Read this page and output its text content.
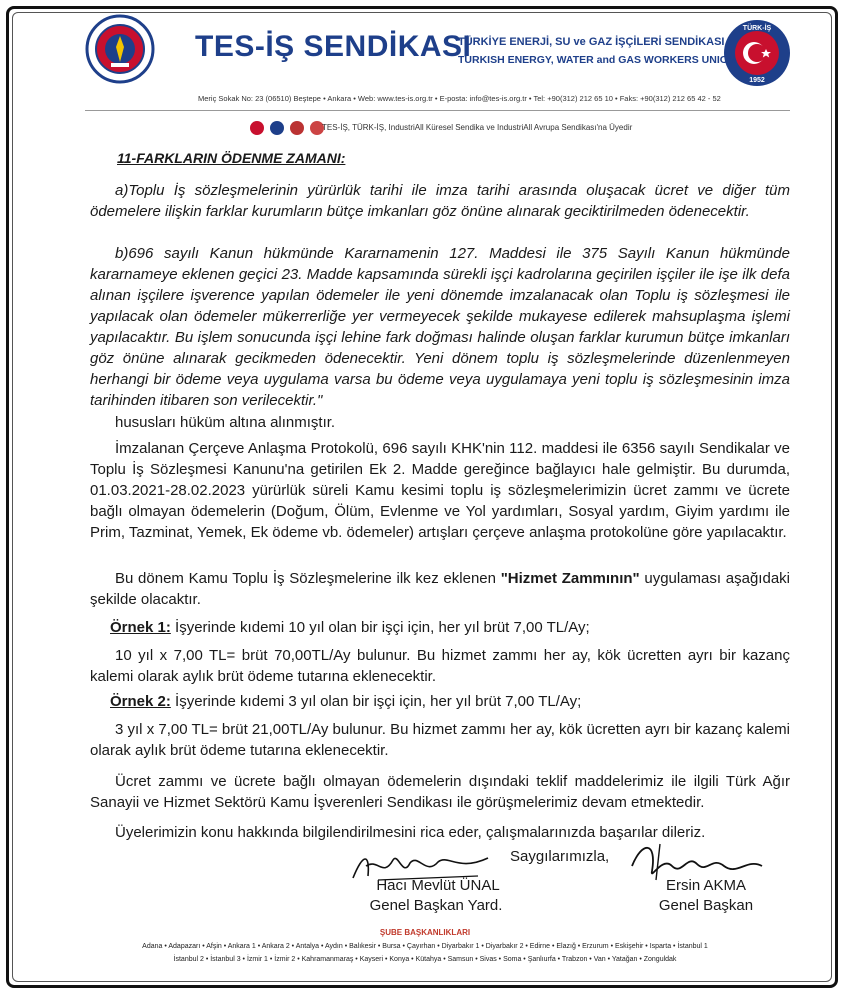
TÜRK-İŞ
1952
TES-İŞ SENDİKASI
TÜRKİYE ENERJİ, SU ve GAZ İŞÇİLERİ SENDİKASI
TURKISH ENERGY, WATER and GAS WORKERS UNION
Meriç Sokak No: 23 (06510) Beştepe • Ankara • Web: www.tes-is.org.tr • E-posta: info@tes-is.org.tr • Tel: +90(312) 212 65 10 • Faks: +90(312) 212 65 42 - 52
TES-İŞ, TÜRK-İŞ, IndustriAll Küresel Sendika ve IndustriAll Avrupa Sendikası'na Üyedir
11-FARKLARIN ÖDENME ZAMANI:
a)Toplu İş sözleşmelerinin yürürlük tarihi ile imza tarihi arasında oluşacak ücret ve diğer tüm ödemelere ilişkin farklar kurumların bütçe imkanları göz önüne alınarak geciktirilmeden ödenecektir.
b)696 sayılı Kanun hükmünde Kararnamenin 127. Maddesi ile 375 Sayılı Kanun hükmünde kararnameye eklenen geçici 23. Madde kapsamında sürekli işçi kadrolarına geçirilen işçiler ile işe ilk defa alınan işçilere işverence yapılan ödemeler ile yeni dönemde imzalanacak olan Toplu iş sözleşmesi ile yapılacak olan ödemeler mükerrerliğe yer vermeyecek şekilde mukayese edilerek mahsuplaşma işlemi yapılacaktır. Bu işlem sonucunda işçi lehine fark doğması halinde oluşan farklar kurumun bütçe imkanları göz önüne alınarak gecikmeden ödenecektir. Yeni dönem toplu iş sözleşmelerinde düzenlenmeyen herhangi bir ödeme veya uygulama varsa bu ödeme veya uygulamaya yeni toplu iş sözleşmesinin imza tarihinden itibaren son verilecektir."
hususları hüküm altına alınmıştır.
İmzalanan Çerçeve Anlaşma Protokolü, 696 sayılı KHK'nin 112. maddesi ile 6356 sayılı Sendikalar ve Toplu İş Sözleşmesi Kanunu'na getirilen Ek 2. Madde gereğince bağlayıcı hale gelmiştir. Bu durumda, 01.03.2021-28.02.2023 yürürlük süreli Kamu kesimi toplu iş sözleşmelerimizin ücret zammı ve ücrete bağlı olmayan ödemelerin (Doğum, Ölüm, Evlenme ve Yol yardımları, Sosyal yardım, Giyim yardımı ile Prim, Tazminat, Yemek, Ek ödeme vb. ödemeler) artışları çerçeve anlaşma protokolüne göre yapılacaktır.
Bu dönem Kamu Toplu İş Sözleşmelerine ilk kez eklenen "Hizmet Zammının" uygulaması aşağıdaki şekilde olacaktır.
Örnek 1: İşyerinde kıdemi 10 yıl olan bir işçi için, her yıl brüt 7,00 TL/Ay;
10 yıl x 7,00 TL= brüt 70,00TL/Ay bulunur. Bu hizmet zammı her ay, kök ücretten ayrı bir kazanç kalemi olarak aylık brüt ödeme tutarına eklenecektir.
Örnek 2: İşyerinde kıdemi 3 yıl olan bir işçi için, her yıl brüt 7,00 TL/Ay;
3 yıl x 7,00 TL= brüt 21,00TL/Ay bulunur. Bu hizmet zammı her ay, kök ücretten ayrı bir kazanç kalemi olarak aylık brüt ödeme tutarına eklenecektir.
Ücret zammı ve ücrete bağlı olmayan ödemelerin dışındaki teklif maddelerimiz ile ilgili Türk Ağır Sanayii ve Hizmet Sektörü Kamu İşverenleri Sendikası ile görüşmelerimiz devam etmektedir.
Üyelerimizin konu hakkında bilgilendirilmesini rica eder, çalışmalarınızda başarılar dileriz.
Saygılarımızla,
Hacı Mevlüt ÜNAL
Genel Başkan Yard.
Ersin AKMA
Genel Başkan
ŞUBE BAŞKANLIKLARI
Adana • Adapazarı • Afşin • Ankara 1 • Ankara 2 • Antalya • Aydın • Balıkesir • Bursa • Çayırhan • Diyarbakır 1 • Diyarbakır 2 • Edirne • Elazığ • Erzurum • Eskişehir • Isparta • İstanbul 1
İstanbul 2 • İstanbul 3 • İzmir 1 • İzmir 2 • Kahramanmaraş • Kayseri • Konya • Kütahya • Samsun • Sivas • Soma • Şanlıurfa • Trabzon • Van • Yatağan • Zonguldak
